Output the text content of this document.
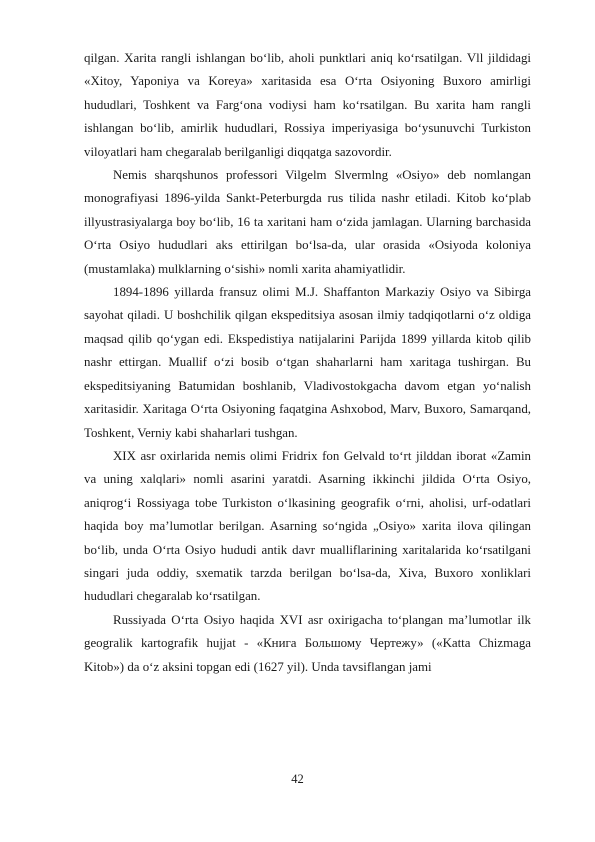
qilgan. Xarita rangli ishlangan bo‘lib, aholi punktlari aniq ko‘rsatilgan. Vll jildidagi «Xitoy, Yaponiya va Koreya» xaritasida esa O‘rta Osiyoning Buxoro amirligi hududlari, Toshkent va Farg‘ona vodiysi ham ko‘rsatilgan. Bu xarita ham rangli ishlangan bo‘lib, amirlik hududlari, Rossiya imperiyasiga bo‘ysunuvchi Turkiston viloyatlari ham chegaralab berilganligi diqqatga sazovordir.

Nemis sharqshunos professori Vilgelm Slvermlng «Osiyo» deb nomlangan monografiyasi 1896-yilda Sankt-Peterburgda rus tilida nashr etiladi. Kitob ko‘plab illyustrasiyalarga boy bo‘lib, 16 ta xaritani ham o‘zida jamlagan. Ularning barchasida O‘rta Osiyo hududlari aks ettirilgan bo‘lsa-da, ular orasida «Osiyoda koloniya (mustamlaka) mulklarning o‘sishi» nomli xarita ahamiyatlidir.

1894-1896 yillarda fransuz olimi M.J. Shaffanton Markaziy Osiyo va Sibirga sayohat qiladi. U boshchilik qilgan ekspeditsiya asosan ilmiy tadqiqotlarni o‘z oldiga maqsad qilib qo‘ygan edi. Ekspedistiya natijalarini Parijda 1899 yillarda kitob qilib nashr ettirgan. Muallif o‘zi bosib o‘tgan shaharlarni ham xaritaga tushirgan. Bu ekspeditsiyaning Batumidan boshlanib, Vladivostokgacha davom etgan yo‘nalish xaritasidir. Xaritaga O‘rta Osiyoning faqatgina Ashxobod, Marv, Buxoro, Samarqand, Toshkent, Verniy kabi shaharlari tushgan.

XIX asr oxirlarida nemis olimi Fridrix fon Gelvald to‘rt jilddan iborat «Zamin va uning xalqlari» nomli asarini yaratdi. Asarning ikkinchi jildida O‘rta Osiyo, aniqrog‘i Rossiyaga tobe Turkiston o‘lkasining geografik o‘rni, aholisi, urf-odatlari haqida boy ma’lumotlar berilgan. Asarning so‘ngida „Osiyo» xarita ilova qilingan bo‘lib, unda O‘rta Osiyo hududi antik davr mualliflarining xaritalarida ko‘rsatilgani singari juda oddiy, sxematik tarzda berilgan bo‘lsa-da, Xiva, Buxoro xonliklari hududlari chegaralab ko‘rsatilgan.

Russiyada O‘rta Osiyo haqida XVI asr oxirigacha to‘plangan ma’lumotlar ilk geogralik kartografik hujjat - «Книга Большому Чертежу» («Katta Chizmaga Kitob») da o‘z aksini topgan edi (1627 yil). Unda tavsiflangan jami

42
